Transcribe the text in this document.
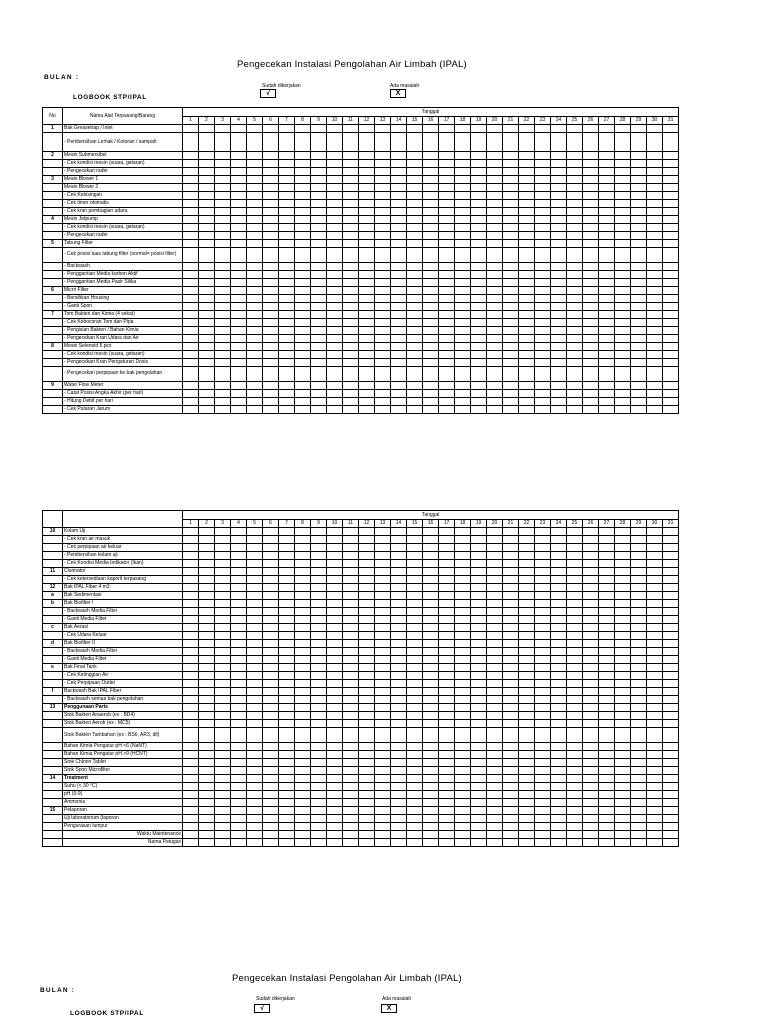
Pengecekan Instalasi Pengolahan Air Limbah (IPAL)
BULAN :
Sudah dikerjakan	Ada masalah
√	X
LOGBOOK STP/IPAL
No	Nama Alat Terpasang/Barang	Tanggal																														
		1	2	3	4	5	6	7	8	9	10	11	12	13	14	15	16	17	18	19	20	21	22	23	24	25	26	27	28	29	30	31
1	Bak Greasetrap / Inlet																															
	- Pembersihan Lemak / Kotoran / sampah																															
2	Mesin Submersibel																															
	- Cek kondisi mesin (suara, getaran)																															
	- Pengecekan rader																															
3	Mesin Blower 1																															
	Mesin Blower 2																															
	- Cek Kebisingan																															
	- Cek timer otomatis																															
	- Cek kran pembagian udara																															
4	Mesin Jetpump																															
	- Cek kondisi mesin (suara, getaran)																															
	- Pengecekan rader																															
5	Tabung Filter																															
	- Cek posisi tuas tabung filter (normal= posisi filter)																															
	- Backwash																															
	- Penggantian Media karbon Aktif																															
	- Penggantian Media Pasir Silika																															
6	Micro Filter																															
	- Bersihkan Housing																															
	- Ganti Spon																															
7	Tom Bakteri dan Kimia (4 sekat)																															
	- Cek Kebocoran Tom dan Pipa																															
	- Pengisian Bakteri / Bahan Kimia																															
	- Pengecekan Kran Udara dan Air																															
8	Mesin Selenoid 6 pcs																															
	- Cek kondisi mesin (suara, getaran)																															
	- Pengecekan Kran Pengaturan Dosis																															
	- Pengecekan perpipaan ke bak pengolahan																															
9	Water Flow Meter																															
	- Catat Posisi Angka Akhir (per hari)																															
	- Hitung Debit per hari																															
	- Cek Putaran Jarum																															
		Tanggal																														
		1	2	3	4	5	6	7	8	9	10	11	12	13	14	15	16	17	18	19	20	21	22	23	24	25	26	27	28	29	30	31
10	Kolam Uji																															
	- Cek kran air masuk																															
	- Cek perpipaan air keluar																															
	- Pembersihan kolam uji																															
	- Cek Kondisi Media Indikator (Ikan)																															
11	Clorinator																															
	- Cek ketersediaan kaporit terpasang																															
12	Bak IPAL Fiber 4 m3																															
a	Bak Sedimentasi																															
b	Bak Biofilter I																															
	- Backwash Media Filter																															
	- Ganti Media Filter																															
c	Bak Aerasi																															
	- Cek Udara Keluar																															
d	Bak Biofilter II																															
	- Backwash Media Filter																															
	- Ganti Media Filter																															
e	Bak Final Tank																															
	- Cek Ketinggian Air																															
	- Cek Perpipaan Outlet																															
f	Backwash Bak IPAL Fiber																															
	- Backwash semua bak pengolahan																															
13	Penggunaan Parts																															
	Stok Bakteri Anaerob (ex : BD4)																															
	Stok Bakteri Aerob (ex : MC5)																															
	Stok Bakteri Tambahan (ex : BS6, AR3, dll)																															
	Bahan Kimia Pengatur pH <6 (NaNT)																															
	Bahan Kimia Pengatur pH >9 (HCNT)																															
	Stok Chlorin Tablet																															
	Stok Spon Microfilter																															
14	Treatment																															
	Suhu (< 30 °C)																															
	pH (6-9)																															
	Ammonia																															
15	Pelaporan																															
	Uji laboratorium (laporan																															
	Pengurasan lumpur																															
	Waktu Maintenance																															
	Nama Petugas																															
Pengecekan Instalasi Pengolahan Air Limbah (IPAL)
BULAN :
Sudah dikerjakan	Ada masalah
√	X
LOGBOOK STP/IPAL
